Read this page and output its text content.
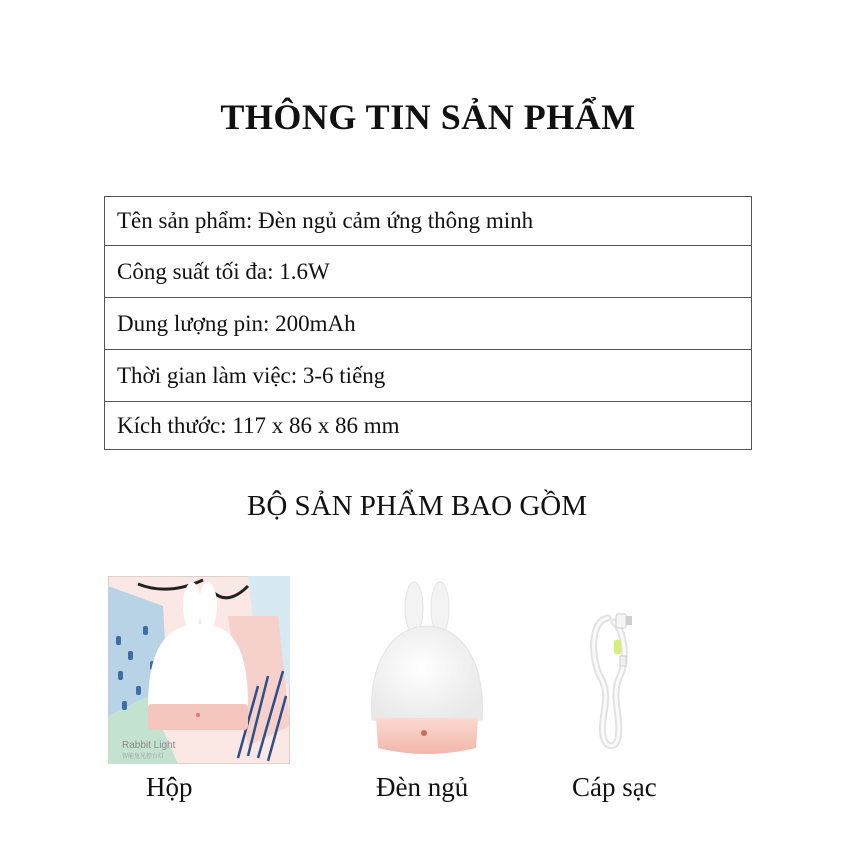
THÔNG TIN SẢN PHẨM
Tên sản phẩm: Đèn ngủ cảm ứng thông minh
Công suất tối đa: 1.6W
Dung lượng pin: 200mAh
Thời gian làm việc: 3-6 tiếng
Kích thước: 117 x 86 x 86 mm
BỘ SẢN PHẨM BAO GỒM
Rabbit Light
智能兔光控台灯
Hộp	Đèn ngủ	Cáp sạc
